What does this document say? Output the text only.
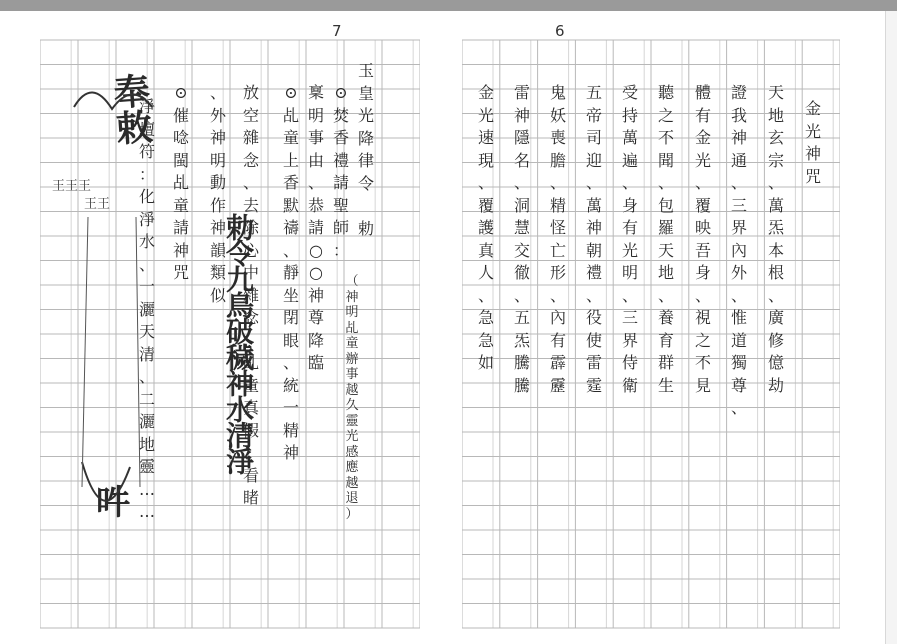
7
奉敕
王王王
王王
勅令九鳥破穢神水清淨
吽
玉
皇
光
降
律
令

勅
⊙
焚
香
禮
請
聖
師
：
稟
明
事
由
、
恭
請
○
○
神
尊
降
臨
（
神
明
乩
童
辦
事
越
久
靈
光
感
應
越
退
）
⊙
乩
童
上
香
默
禱
、
靜
坐
閉
眼
、
統
一
精
神
放
空
雜
念
、
去
除
心
中
雜
念
、
乩
童
真
假
、
看
睹
、
外
神
明
動
作
神
韻
類
似
⊙
催
唸
閩
乩
童
請
神
咒
淨
壇
符
：
化
淨
水
、
一
灑
天
清
、
二
灑
地
靈
…
…
6
金
光
神
咒
天
地
玄
宗
、
萬
炁
本
根
、
廣
修
億
劫
證
我
神
通
、
三
界
內
外
、
惟
道
獨
尊
、
體
有
金
光
、
覆
映
吾
身
、
視
之
不
見
聽
之
不
聞
、
包
羅
天
地
、
養
育
群
生
受
持
萬
遍
、
身
有
光
明
、
三
界
侍
衛
五
帝
司
迎
、
萬
神
朝
禮
、
役
使
雷
霆
鬼
妖
喪
膽
、
精
怪
亡
形
、
內
有
霹
靂
雷
神
隱
名
、
洞
慧
交
徹
、
五
炁
騰
騰
金
光
速
現
、
覆
護
真
人
、
急
急
如
